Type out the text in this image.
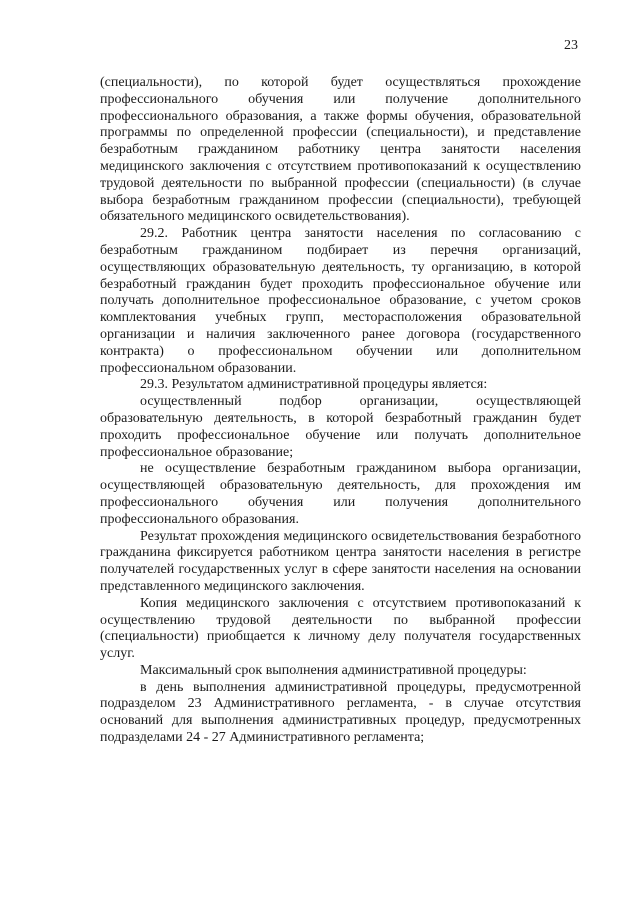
23

(специальности), по которой будет осуществляться прохождение профессионального обучения или получение дополнительного профессионального образования, а также формы обучения, образовательной программы по определенной профессии (специальности), и представление безработным гражданином работнику центра занятости населения медицинского заключения с отсутствием противопоказаний к осуществлению трудовой деятельности по выбранной профессии (специальности) (в случае выбора безработным гражданином профессии (специальности), требующей обязательного медицинского освидетельствования).

29.2. Работник центра занятости населения по согласованию с безработным гражданином подбирает из перечня организаций, осуществляющих образовательную деятельность, ту организацию, в которой безработный гражданин будет проходить профессиональное обучение или получать дополнительное профессиональное образование, с учетом сроков комплектования учебных групп, месторасположения образовательной организации и наличия заключенного ранее договора (государственного контракта) о профессиональном обучении или дополнительном профессиональном образовании.

29.3. Результатом административной процедуры является:

осуществленный подбор организации, осуществляющей образовательную деятельность, в которой безработный гражданин будет проходить профессиональное обучение или получать дополнительное профессиональное образование;

не осуществление безработным гражданином выбора организации, осуществляющей образовательную деятельность, для прохождения им профессионального обучения или получения дополнительного профессионального образования.

Результат прохождения медицинского освидетельствования безработного гражданина фиксируется работником центра занятости населения в регистре получателей государственных услуг в сфере занятости населения на основании представленного медицинского заключения.

Копия медицинского заключения с отсутствием противопоказаний к осуществлению трудовой деятельности по выбранной профессии (специальности) приобщается к личному делу получателя государственных услуг.

Максимальный срок выполнения административной процедуры:

в день выполнения административной процедуры, предусмотренной подразделом 23 Административного регламента, - в случае отсутствия оснований для выполнения административных процедур, предусмотренных подразделами 24 - 27 Административного регламента;
